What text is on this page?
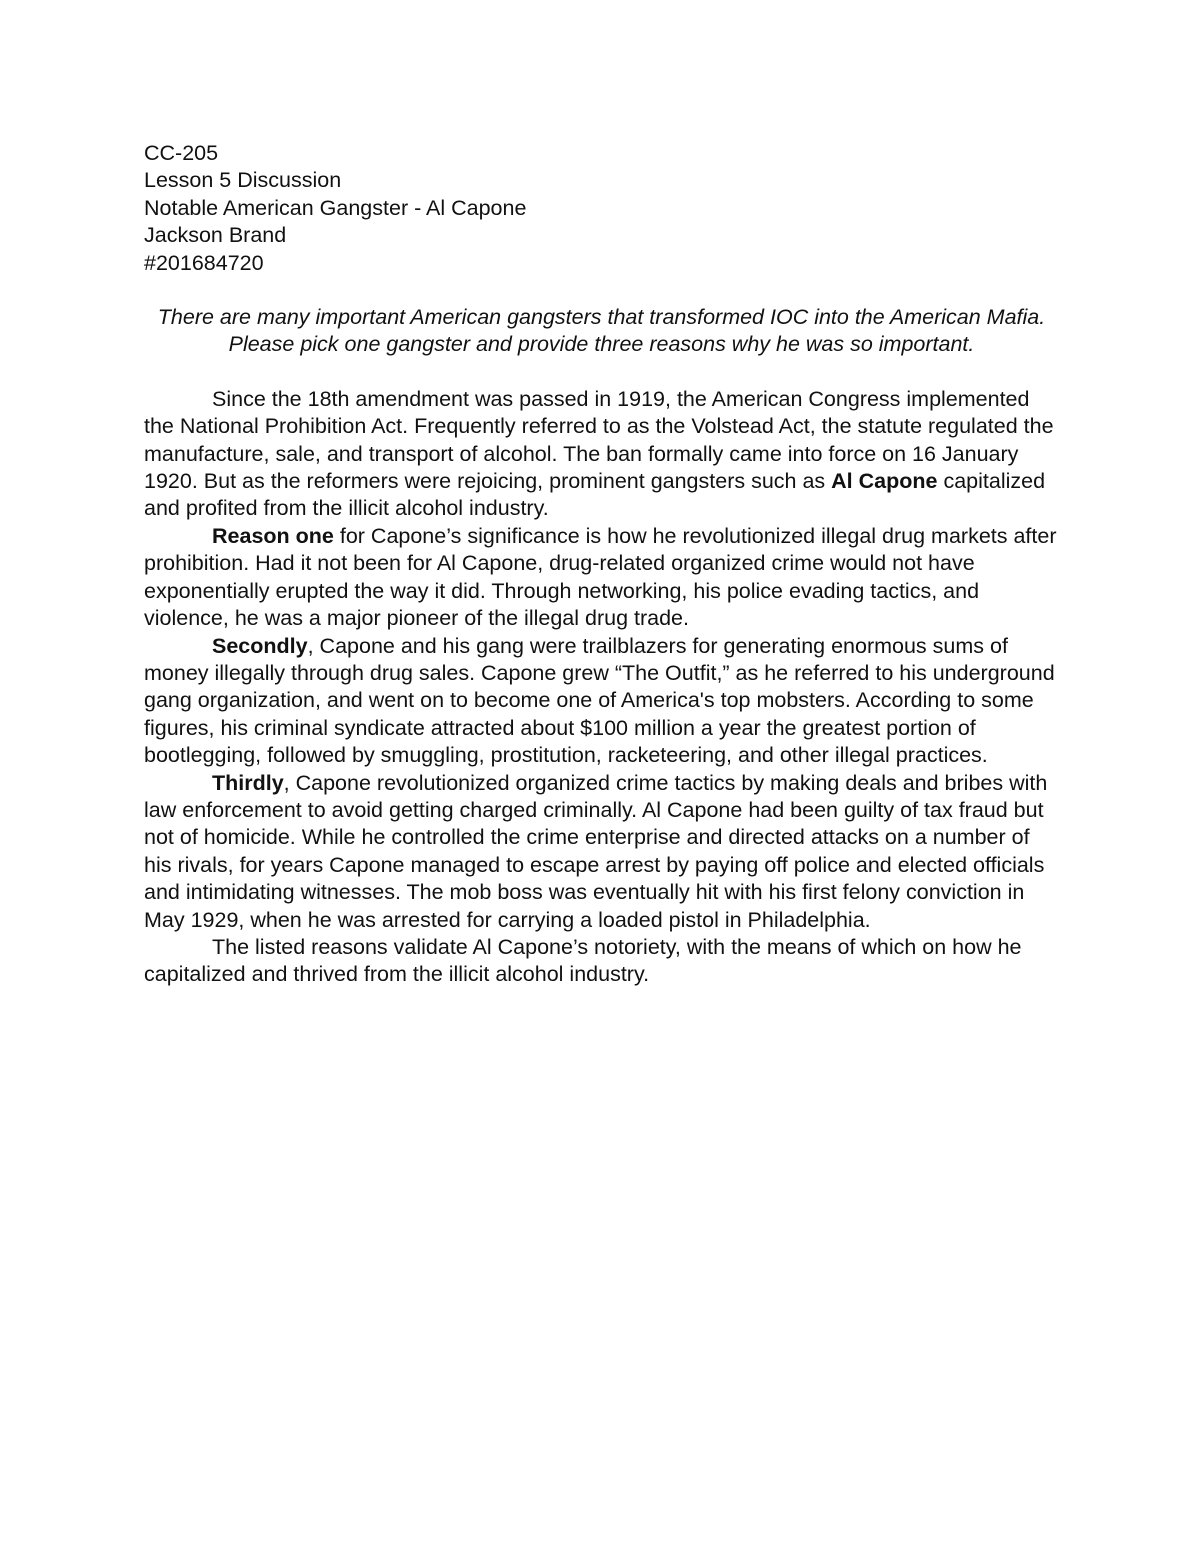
CC-205
Lesson 5 Discussion
Notable American Gangster - Al Capone
Jackson Brand
#201684720

There are many important American gangsters that transformed IOC into the American Mafia. Please pick one gangster and provide three reasons why he was so important.

Since the 18th amendment was passed in 1919, the American Congress implemented the National Prohibition Act. Frequently referred to as the Volstead Act, the statute regulated the manufacture, sale, and transport of alcohol. The ban formally came into force on 16 January 1920. But as the reformers were rejoicing, prominent gangsters such as Al Capone capitalized and profited from the illicit alcohol industry.

Reason one for Capone’s significance is how he revolutionized illegal drug markets after prohibition. Had it not been for Al Capone, drug-related organized crime would not have exponentially erupted the way it did. Through networking, his police evading tactics, and violence, he was a major pioneer of the illegal drug trade.

Secondly, Capone and his gang were trailblazers for generating enormous sums of money illegally through drug sales. Capone grew “The Outfit,” as he referred to his underground gang organization, and went on to become one of America's top mobsters. According to some figures, his criminal syndicate attracted about $100 million a year the greatest portion of bootlegging, followed by smuggling, prostitution, racketeering, and other illegal practices.

Thirdly, Capone revolutionized organized crime tactics by making deals and bribes with law enforcement to avoid getting charged criminally. Al Capone had been guilty of tax fraud but not of homicide. While he controlled the crime enterprise and directed attacks on a number of his rivals, for years Capone managed to escape arrest by paying off police and elected officials and intimidating witnesses. The mob boss was eventually hit with his first felony conviction in May 1929, when he was arrested for carrying a loaded pistol in Philadelphia.

The listed reasons validate Al Capone’s notoriety, with the means of which on how he capitalized and thrived from the illicit alcohol industry.
